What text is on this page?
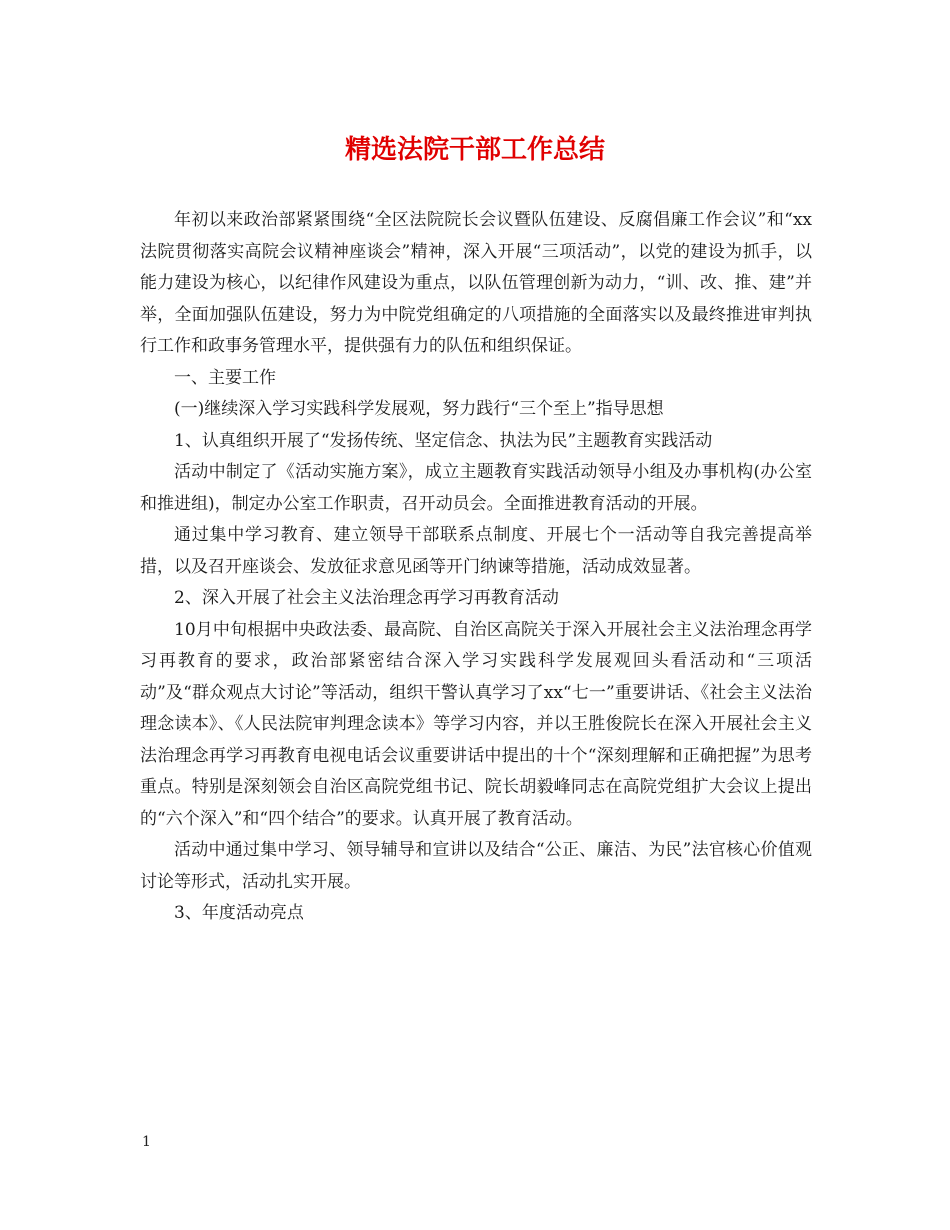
精选法院干部工作总结

年初以来政治部紧紧围绕“全区法院院长会议暨队伍建设、反腐倡廉工作会议”和“xx法院贯彻落实高院会议精神座谈会”精神，深入开展“三项活动”，以党的建设为抓手，以能力建设为核心，以纪律作风建设为重点，以队伍管理创新为动力，“训、改、推、建”并举，全面加强队伍建设，努力为中院党组确定的八项措施的全面落实以及最终推进审判执行工作和政事务管理水平，提供强有力的队伍和组织保证。

一、主要工作

(一)继续深入学习实践科学发展观，努力践行“三个至上”指导思想

1、认真组织开展了“发扬传统、坚定信念、执法为民”主题教育实践活动

活动中制定了《活动实施方案》，成立主题教育实践活动领导小组及办事机构(办公室和推进组)，制定办公室工作职责，召开动员会。全面推进教育活动的开展。

通过集中学习教育、建立领导干部联系点制度、开展七个一活动等自我完善提高举措，以及召开座谈会、发放征求意见函等开门纳谏等措施，活动成效显著。

2、深入开展了社会主义法治理念再学习再教育活动

10月中旬根据中央政法委、最高院、自治区高院关于深入开展社会主义法治理念再学习再教育的要求，政治部紧密结合深入学习实践科学发展观回头看活动和“三项活动”及“群众观点大讨论”等活动，组织干警认真学习了xx“七一”重要讲话、《社会主义法治理念读本》、《人民法院审判理念读本》等学习内容，并以王胜俊院长在深入开展社会主义法治理念再学习再教育电视电话会议重要讲话中提出的十个“深刻理解和正确把握”为思考重点。特别是深刻领会自治区高院党组书记、院长胡毅峰同志在高院党组扩大会议上提出的“六个深入”和“四个结合”的要求。认真开展了教育活动。

活动中通过集中学习、领导辅导和宣讲以及结合“公正、廉洁、为民”法官核心价值观讨论等形式，活动扎实开展。

3、年度活动亮点

1
